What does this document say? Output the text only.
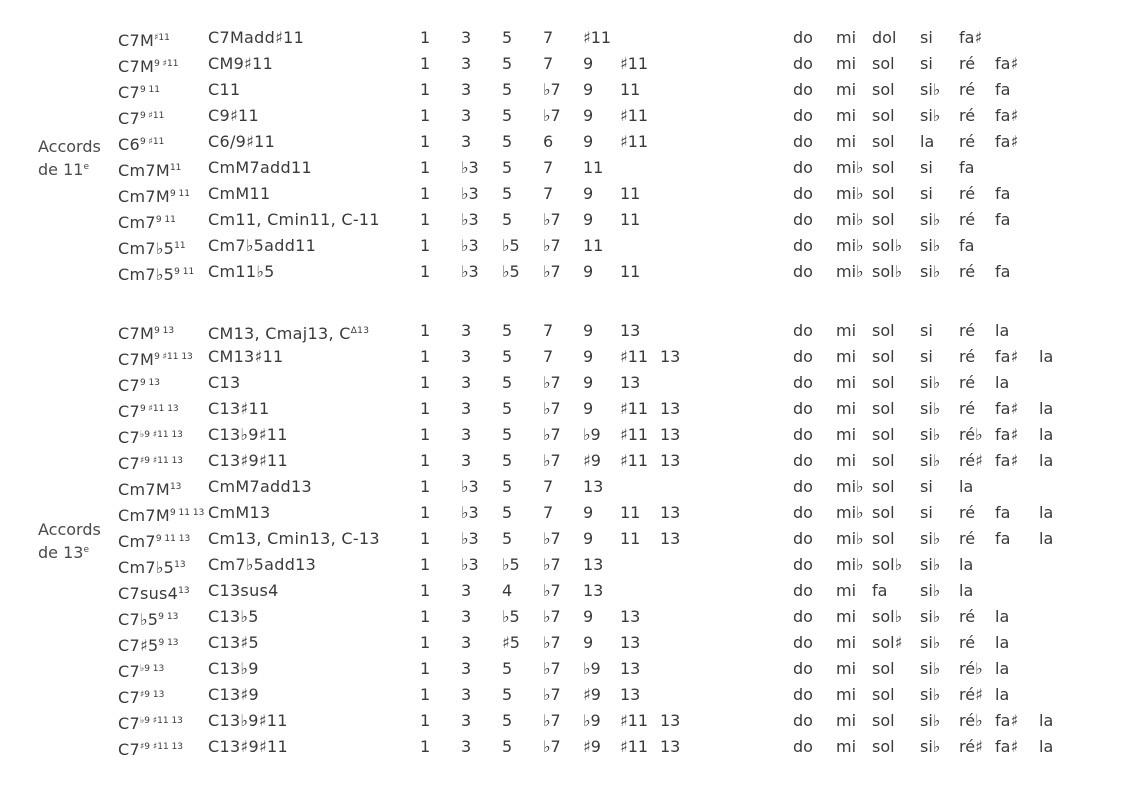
Accords
de 11e
$C7M^{♯11}$ C7Madd♯11	1 3 5 7 ♯11	do mi dol si fa♯
$C7M^{9 ♯11}$ CM9♯11	1 3 5 7 9 ♯11	do mi sol si ré fa♯
$C7^{9 11}$	C11	1 3 5 ♭7 9 11	do mi sol si♭ ré fa
$C7^{9 ♯11}$	C9♯11	1 3 5 ♭7 9 ♯11	do mi sol si♭ ré fa♯
$C6^{9 ♯11}$	C6/9♯11	1 3 5 6 9 ♯11	do mi sol la ré fa♯
$Cm7M^{11}$ CmM7add11	1 ♭3 5 7 11	do mi♭ sol si fa
$Cm7M^{9 11}$ CmM11	1 ♭3 5 7 9 11	do mi♭ sol si ré fa
$Cm7^{9 11}$ Cm11, Cmin11, C-11	1 ♭3 5 ♭7 9 11	do mi♭ sol si♭ ré fa
$Cm7♭5^{11}$ Cm7♭5add11	1 ♭3 ♭5 ♭7 11	do mi♭ sol♭ si♭ fa
$Cm7♭5^{9 11}$ Cm11♭5	1 ♭3 ♭5 ♭7 9 11	do mi♭ sol♭ si♭ ré fa
Accords
de 13e
$C7M^{9 13}$ CM13, Cmaj13, $C^{\Delta 13}$	1 3 5 7 9 13	do mi sol si ré la
$C7M^{9 ♯11 13}$ CM13♯11	1 3 5 7 9 ♯11 13	do mi sol si ré fa♯ la
$C7^{9 13}$	C13	1 3 5 ♭7 9 13	do mi sol si♭ ré la
$C7^{9 ♯11 13}$ C13♯11	1 3 5 ♭7 9 ♯11 13	do mi sol si♭ ré fa♯ la
$C7^{♭9 ♯11 13}$ C13♭9♯11	1 3 5 ♭7 ♭9 ♯11 13	do mi sol si♭ ré♭ fa♯ la
$C7^{♯9 ♯11 13}$ C13♯9♯11	1 3 5 ♭7 ♯9 ♯11 13	do mi sol si♭ ré♯ fa♯ la
$Cm7M^{13}$ CmM7add13	1 ♭3 5 7 13	do mi♭ sol si la
$Cm7M^{9 11 13}$ CmM13	1 ♭3 5 7 9 11 13	do mi♭ sol si ré fa la
$Cm7^{9 11 13}$ Cm13, Cmin13, C-13	1 ♭3 5 ♭7 9 11 13	do mi♭ sol si♭ ré fa la
$Cm7♭5^{13}$ Cm7♭5add13	1 ♭3 ♭5 ♭7 13	do mi♭ sol♭ si♭ la
$C7sus4^{13}$ C13sus4	1 3 4 ♭7 13	do mi fa si♭ la
$C7♭5^{9 13}$ C13♭5	1 3 ♭5 ♭7 9 13	do mi sol♭ si♭ ré la
$C7♯5^{9 13}$ C13♯5	1 3 ♯5 ♭7 9 13	do mi sol♯ si♭ ré la
$C7^{♭9 13}$	C13♭9	1 3 5 ♭7 ♭9 13	do mi sol si♭ ré♭ la
$C7^{♯9 13}$	C13♯9	1 3 5 ♭7 ♯9 13	do mi sol si♭ ré♯ la
$C7^{♭9 ♯11 13}$ C13♭9♯11	1 3 5 ♭7 ♭9 ♯11 13	do mi sol si♭ ré♭ fa♯ la
$C7^{♯9 ♯11 13}$ C13♯9♯11	1 3 5 ♭7 ♯9 ♯11 13	do mi sol si♭ ré♯ fa♯ la
